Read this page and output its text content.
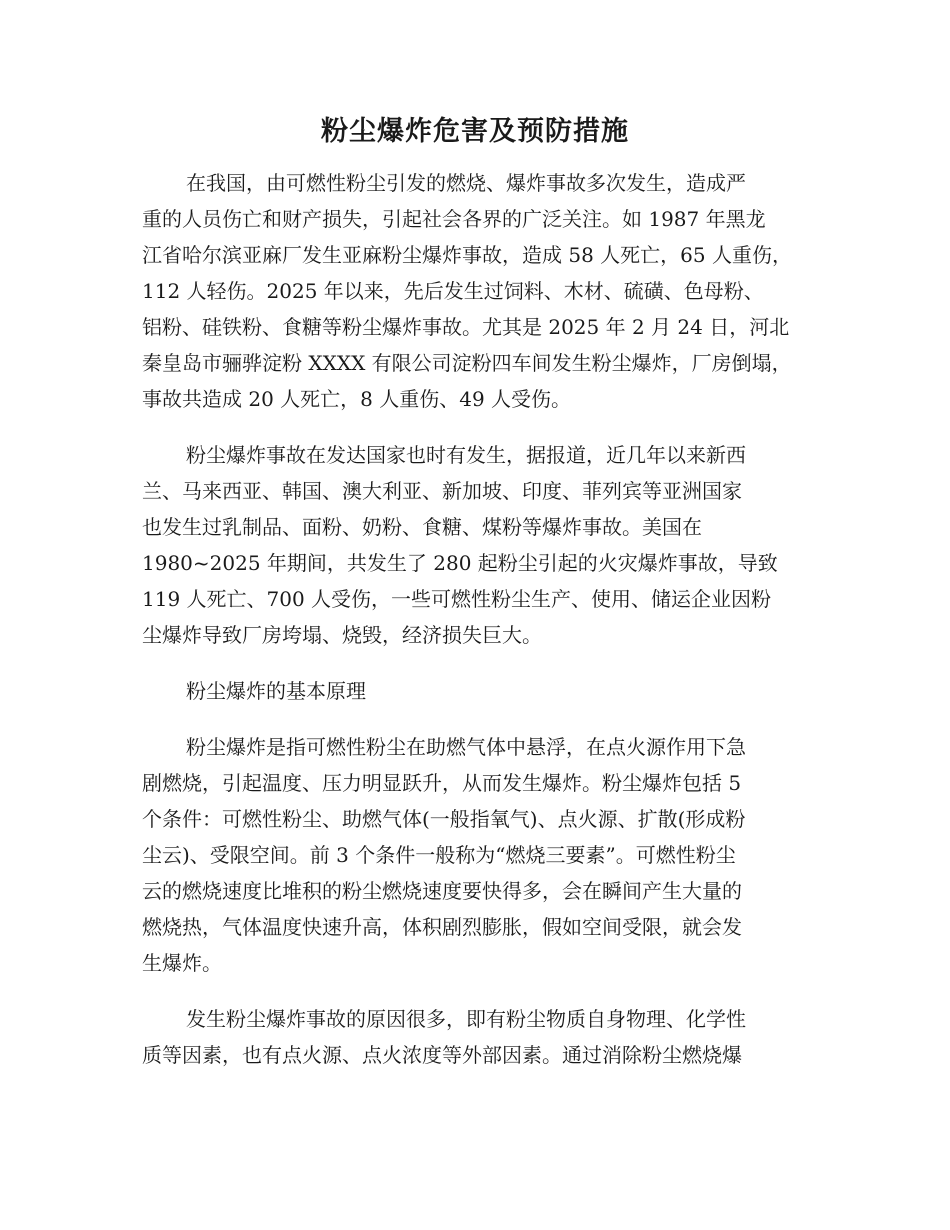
粉尘爆炸危害及预防措施

在我国，由可燃性粉尘引发的燃烧、爆炸事故多次发生，造成严
重的人员伤亡和财产损失，引起社会各界的广泛关注。如 1987 年黑龙
江省哈尔滨亚麻厂发生亚麻粉尘爆炸事故，造成 58 人死亡，65 人重伤，
112 人轻伤。2025 年以来，先后发生过饲料、木材、硫磺、色母粉、
铝粉、硅铁粉、食糖等粉尘爆炸事故。尤其是 2025 年 2 月 24 日，河北
秦皇岛市骊骅淀粉 XXXX 有限公司淀粉四车间发生粉尘爆炸，厂房倒塌，
事故共造成 20 人死亡，8 人重伤、49 人受伤。

粉尘爆炸事故在发达国家也时有发生，据报道，近几年以来新西
兰、马来西亚、韩国、澳大利亚、新加坡、印度、菲列宾等亚洲国家
也发生过乳制品、面粉、奶粉、食糖、煤粉等爆炸事故。美国在
1980~2025 年期间，共发生了 280 起粉尘引起的火灾爆炸事故，导致
119 人死亡、700 人受伤，一些可燃性粉尘生产、使用、储运企业因粉
尘爆炸导致厂房垮塌、烧毁，经济损失巨大。

粉尘爆炸的基本原理

粉尘爆炸是指可燃性粉尘在助燃气体中悬浮，在点火源作用下急
剧燃烧，引起温度、压力明显跃升，从而发生爆炸。粉尘爆炸包括 5
个条件：可燃性粉尘、助燃气体(一般指氧气)、点火源、扩散(形成粉
尘云)、受限空间。前 3 个条件一般称为“燃烧三要素”。可燃性粉尘
云的燃烧速度比堆积的粉尘燃烧速度要快得多，会在瞬间产生大量的
燃烧热，气体温度快速升高，体积剧烈膨胀，假如空间受限，就会发
生爆炸。

发生粉尘爆炸事故的原因很多，即有粉尘物质自身物理、化学性
质等因素，也有点火源、点火浓度等外部因素。通过消除粉尘燃烧爆
